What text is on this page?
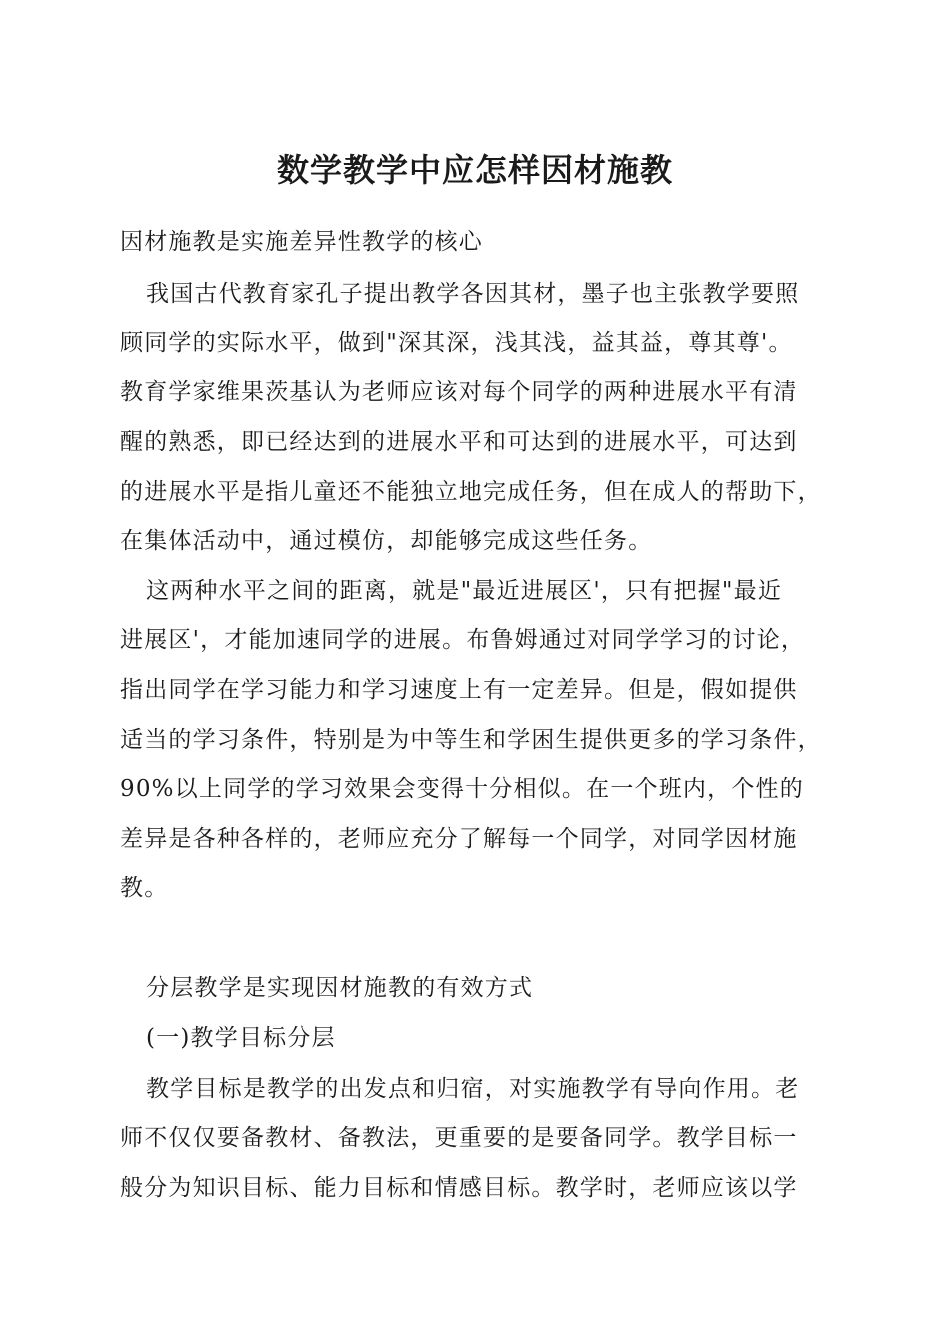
数学教学中应怎样因材施教
因材施教是实施差异性教学的核心
我国古代教育家孔子提出教学各因其材，墨子也主张教学要照
顾同学的实际水平，做到"深其深，浅其浅，益其益，尊其尊'。
教育学家维果茨基认为老师应该对每个同学的两种进展水平有清
醒的熟悉，即已经达到的进展水平和可达到的进展水平，可达到
的进展水平是指儿童还不能独立地完成任务，但在成人的帮助下，
在集体活动中，通过模仿，却能够完成这些任务。
这两种水平之间的距离，就是"最近进展区'，只有把握"最近
进展区'，才能加速同学的进展。布鲁姆通过对同学学习的讨论，
指出同学在学习能力和学习速度上有一定差异。但是，假如提供
适当的学习条件，特别是为中等生和学困生提供更多的学习条件，
90%以上同学的学习效果会变得十分相似。在一个班内，个性的
差异是各种各样的，老师应充分了解每一个同学，对同学因材施
教。
分层教学是实现因材施教的有效方式
(一)教学目标分层
教学目标是教学的出发点和归宿，对实施教学有导向作用。老
师不仅仅要备教材、备教法，更重要的是要备同学。教学目标一
般分为知识目标、能力目标和情感目标。教学时，老师应该以学
